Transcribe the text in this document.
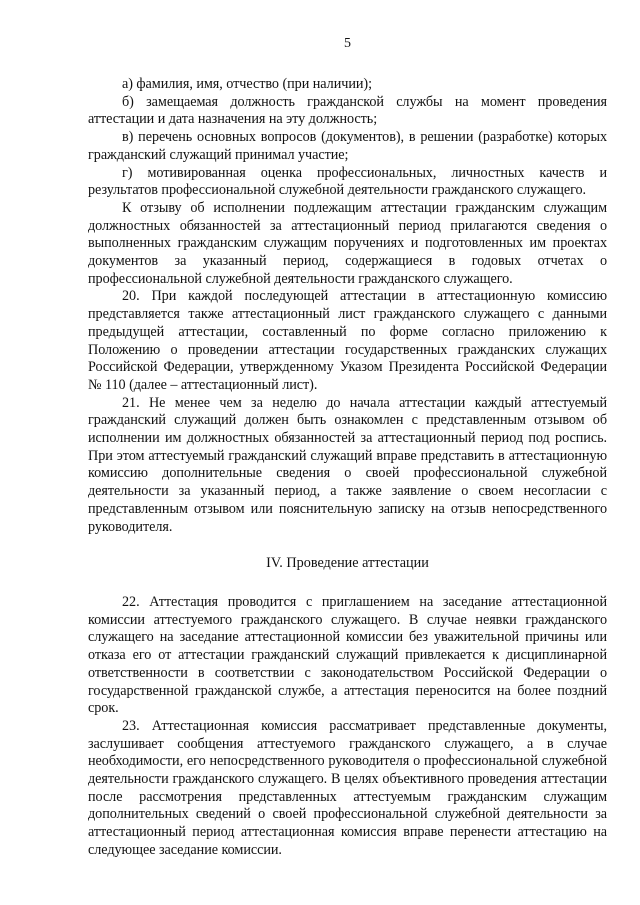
5

а) фамилия, имя, отчество (при наличии);

б) замещаемая должность гражданской службы на момент проведения аттестации и дата назначения на эту должность;

в) перечень основных вопросов (документов), в решении (разработке) которых гражданский служащий принимал участие;

г) мотивированная оценка профессиональных, личностных качеств и результатов профессиональной служебной деятельности гражданского служащего.

К отзыву об исполнении подлежащим аттестации гражданским служащим должностных обязанностей за аттестационный период прилагаются сведения о выполненных гражданским служащим поручениях и подготовленных им проектах документов за указанный период, содержащиеся в годовых отчетах о профессиональной служебной деятельности гражданского служащего.

20. При каждой последующей аттестации в аттестационную комиссию представляется также аттестационный лист гражданского служащего с данными предыдущей аттестации, составленный по форме согласно приложению к Положению о проведении аттестации государственных гражданских служащих Российской Федерации, утвержденному Указом Президента Российской Федерации № 110 (далее – аттестационный лист).

21. Не менее чем за неделю до начала аттестации каждый аттестуемый гражданский служащий должен быть ознакомлен с представленным отзывом об исполнении им должностных обязанностей за аттестационный период под роспись. При этом аттестуемый гражданский служащий вправе представить в аттестационную комиссию дополнительные сведения о своей профессиональной служебной деятельности за указанный период, а также заявление о своем несогласии с представленным отзывом или пояснительную записку на отзыв непосредственного руководителя.

IV. Проведение аттестации

22. Аттестация проводится с приглашением на заседание аттестационной комиссии аттестуемого гражданского служащего. В случае неявки гражданского служащего на заседание аттестационной комиссии без уважительной причины или отказа его от аттестации гражданский служащий привлекается к дисциплинарной ответственности в соответствии с законодательством Российской Федерации о государственной гражданской службе, а аттестация переносится на более поздний срок.

23. Аттестационная комиссия рассматривает представленные документы, заслушивает сообщения аттестуемого гражданского служащего, а в случае необходимости, его непосредственного руководителя о профессиональной служебной деятельности гражданского служащего. В целях объективного проведения аттестации после рассмотрения представленных аттестуемым гражданским служащим дополнительных сведений о своей профессиональной служебной деятельности за аттестационный период аттестационная комиссия вправе перенести аттестацию на следующее заседание комиссии.
